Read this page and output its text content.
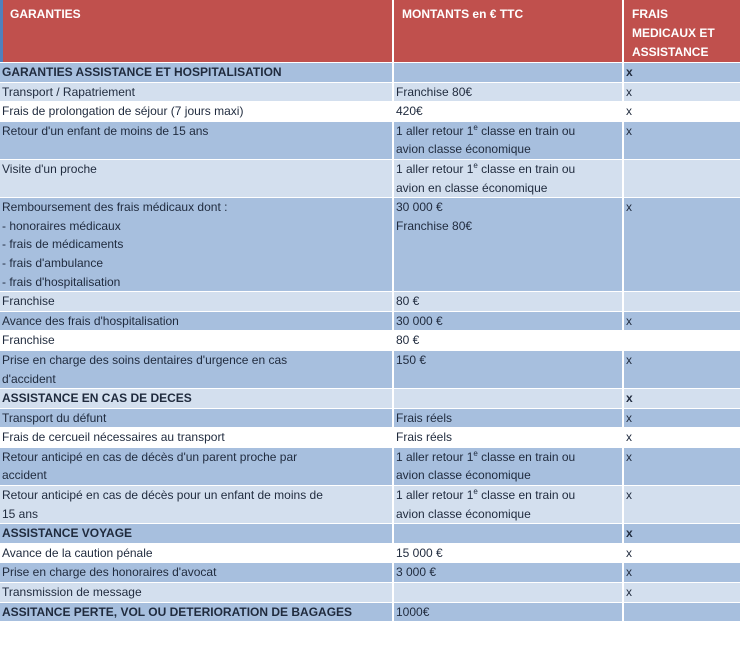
GARANTIES	MONTANTS en € TTC	FRAIS
MEDICAUX ET
ASSISTANCE

GARANTIES ASSISTANCE ET HOSPITALISATION		x

Transport / Rapatriement	Franchise 80€	x

Frais de prolongation de séjour (7 jours maxi)	420€	x

Retour d'un enfant de moins de 15 ans	1 aller retour 1e classe en train ou
avion classe économique	x

Visite d'un proche	1 aller retour 1e classe en train ou
avion en classe économique	

Remboursement des frais médicaux dont :
- honoraires médicaux
- frais de médicaments
- frais d'ambulance
- frais d'hospitalisation	30 000 €
Franchise 80€	x

Franchise	80 €	

Avance des frais d'hospitalisation	30 000 €	x

Franchise	80 €	

Prise en charge des soins dentaires d'urgence en cas
d'accident	150 €	x

ASSISTANCE EN CAS DE DECES		x

Transport du défunt	Frais réels	x

Frais de cercueil nécessaires au transport	Frais réels	x

Retour anticipé en cas de décès d'un parent proche par
accident	1 aller retour 1e classe en train ou
avion classe économique	x

Retour anticipé en cas de décès pour un enfant de moins de
15 ans	1 aller retour 1e classe en train ou
avion classe économique	x

ASSISTANCE VOYAGE		x

Avance de la caution pénale	15 000 €	x

Prise en charge des honoraires d'avocat	3 000 €	x

Transmission de message		x

ASSITANCE PERTE, VOL OU DETERIORATION DE BAGAGES	1000€	
